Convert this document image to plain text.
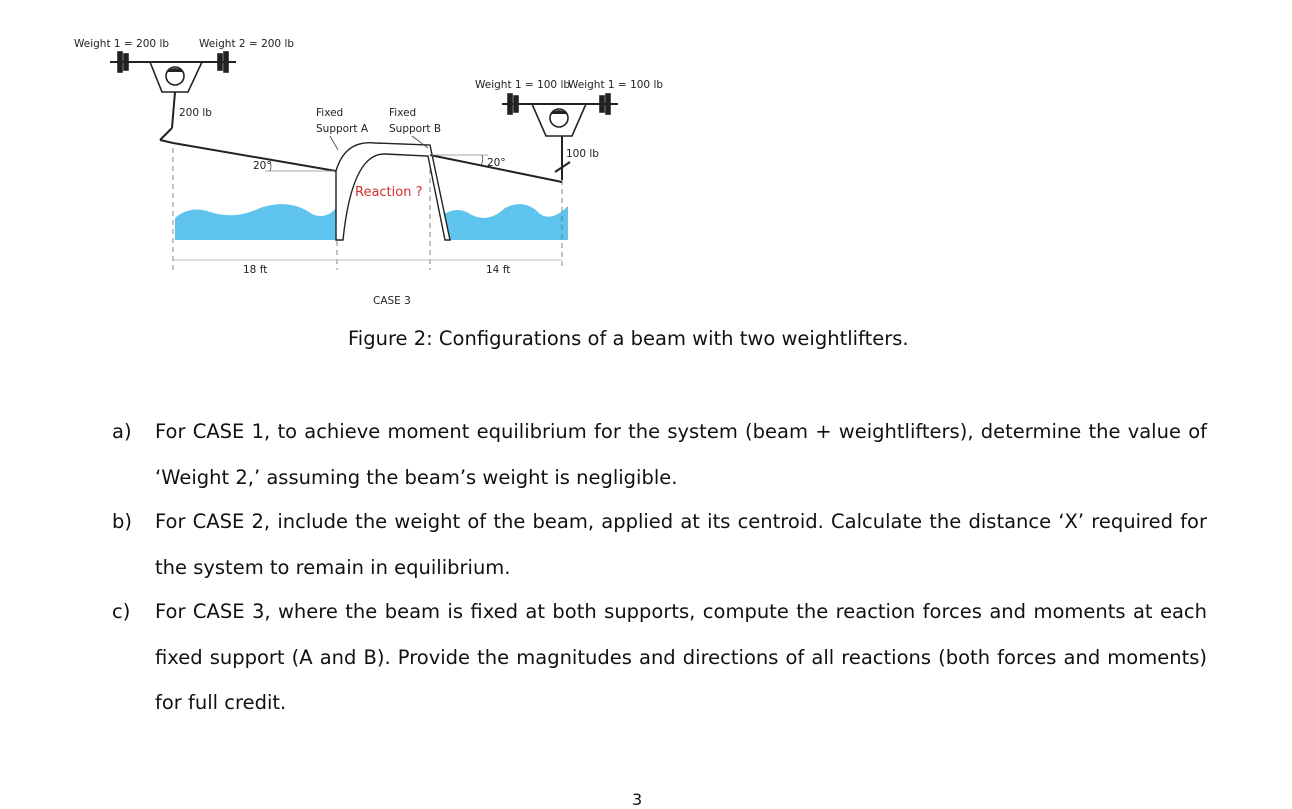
Weight 1 = 200 lb	Weight 2 = 200 lb
Weight 1 = 100 lb
Weight 1 = 100 lb
200 lb
100 lb
Fixed
Support A
Fixed
Support B
20°	20°
Reaction ?
18 ft	14 ft
CASE 3
Figure 2: Configurations of a beam with two weightlifters.
a) For CASE 1, to achieve moment equilibrium for the system (beam + weightlifters), determine the value of ‘Weight 2,’ assuming the beam’s weight is negligible.
b) For CASE 2, include the weight of the beam, applied at its centroid. Calculate the distance ‘X’ required for the system to remain in equilibrium.
c) For CASE 3, where the beam is fixed at both supports, compute the reaction forces and moments at each fixed support (A and B). Provide the magnitudes and directions of all reactions (both forces and moments) for full credit.
3
